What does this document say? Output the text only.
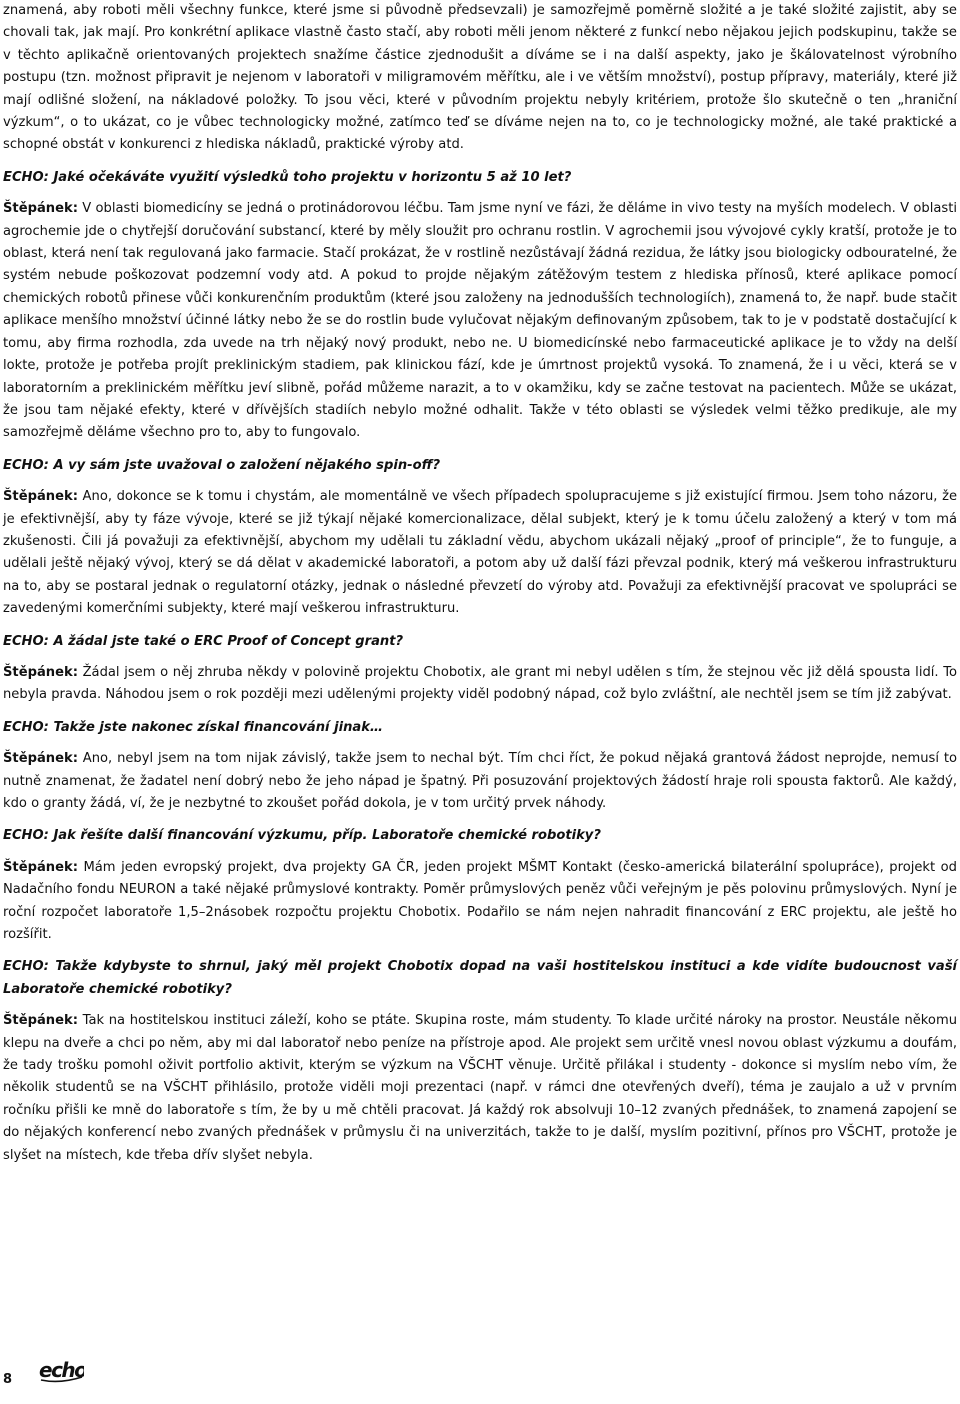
znamená, aby roboti měli všechny funkce, které jsme si původně předsevzali) je samozřejmě poměrně složité a je také složité zajistit, aby se chovali tak, jak mají. Pro konkrétní aplikace vlastně často stačí, aby roboti měli jenom některé z funkcí nebo nějakou jejich podskupinu, takže se v těchto aplikačně orientovaných projektech snažíme částice zjednodušit a díváme se i na další aspekty, jako je škálovatelnost výrobního postupu (tzn. možnost připravit je nejenom v laboratoři v miligramovém měřítku, ale i ve větším množství), postup přípravy, materiály, které již mají odlišné složení, na nákladové položky. To jsou věci, které v původním projektu nebyly kritériem, protože šlo skutečně o ten „hraniční výzkum“, o to ukázat, co je vůbec technologicky možné, zatímco teď se díváme nejen na to, co je technologicky možné, ale také praktické a schopné obstát v konkurenci z hlediska nákladů, praktické výroby atd.

ECHO: Jaké očekáváte využití výsledků toho projektu v horizontu 5 až 10 let?

Štěpánek: V oblasti biomedicíny se jedná o protinádorovou léčbu. Tam jsme nyní ve fázi, že děláme in vivo testy na myších modelech. V oblasti agrochemie jde o chytřejší doručování substancí, které by měly sloužit pro ochranu rostlin. V agrochemii jsou vývojové cykly kratší, protože je to oblast, která není tak regulovaná jako farmacie. Stačí prokázat, že v rostlině nezůstávají žádná rezidua, že látky jsou biologicky odbouratelné, že systém nebude poškozovat podzemní vody atd. A pokud to projde nějakým zátěžovým testem z hlediska přínosů, které aplikace pomocí chemických robotů přinese vůči konkurenčním produktům (které jsou založeny na jednodušších technologiích), znamená to, že např. bude stačit aplikace menšího množství účinné látky nebo že se do rostlin bude vylučovat nějakým definovaným způsobem, tak to je v podstatě dostačující k tomu, aby firma rozhodla, zda uvede na trh nějaký nový produkt, nebo ne. U biomedicínské nebo farmaceutické aplikace je to vždy na delší lokte, protože je potřeba projít preklinickým stadiem, pak klinickou fází, kde je úmrtnost projektů vysoká. To znamená, že i u věci, která se v laboratorním a preklinickém měřítku jeví slibně, pořád můžeme narazit, a to v okamžiku, kdy se začne testovat na pacientech. Může se ukázat, že jsou tam nějaké efekty, které v dřívějších stadiích nebylo možné odhalit. Takže v této oblasti se výsledek velmi těžko predikuje, ale my samozřejmě děláme všechno pro to, aby to fungovalo.

ECHO: A vy sám jste uvažoval o založení nějakého spin-off?

Štěpánek: Ano, dokonce se k tomu i chystám, ale momentálně ve všech případech spolupracujeme s již existující firmou. Jsem toho názoru, že je efektivnější, aby ty fáze vývoje, které se již týkají nějaké komercionalizace, dělal subjekt, který je k tomu účelu založený a který v tom má zkušenosti. Čili já považuji za efektivnější, abychom my udělali tu základní vědu, abychom ukázali nějaký „proof of principle“, že to funguje, a udělali ještě nějaký vývoj, který se dá dělat v akademické laboratoři, a potom aby už další fázi převzal podnik, který má veškerou infrastrukturu na to, aby se postaral jednak o regulatorní otázky, jednak o následné převzetí do výroby atd. Považuji za efektivnější pracovat ve spolupráci se zavedenými komerčními subjekty, které mají veškerou infrastrukturu.

ECHO: A žádal jste také o ERC Proof of Concept grant?

Štěpánek: Žádal jsem o něj zhruba někdy v polovině projektu Chobotix, ale grant mi nebyl udělen s tím, že stejnou věc již dělá spousta lidí. To nebyla pravda. Náhodou jsem o rok později mezi udělenými projekty viděl podobný nápad, což bylo zvláštní, ale nechtěl jsem se tím již zabývat.

ECHO: Takže jste nakonec získal financování jinak…

Štěpánek: Ano, nebyl jsem na tom nijak závislý, takže jsem to nechal být. Tím chci říct, že pokud nějaká grantová žádost neprojde, nemusí to nutně znamenat, že žadatel není dobrý nebo že jeho nápad je špatný. Při posuzování projektových žádostí hraje roli spousta faktorů. Ale každý, kdo o granty žádá, ví, že je nezbytné to zkoušet pořád dokola, je v tom určitý prvek náhody.

ECHO: Jak řešíte další financování výzkumu, příp. Laboratoře chemické robotiky?

Štěpánek: Mám jeden evropský projekt, dva projekty GA ČR, jeden projekt MŠMT Kontakt (česko-americká bilaterální spolupráce), projekt od Nadačního fondu NEURON a také nějaké průmyslové kontrakty. Poměr průmyslových peněz vůči veřejným je pěs polovinu průmyslových. Nyní je roční rozpočet laboratoře 1,5–2násobek rozpočtu projektu Chobotix. Podařilo se nám nejen nahradit financování z ERC projektu, ale ještě ho rozšířit.

ECHO: Takže kdybyste to shrnul, jaký měl projekt Chobotix dopad na vaši hostitelskou instituci a kde vidíte budoucnost vaší Laboratoře chemické robotiky?

Štěpánek: Tak na hostitelskou instituci záleží, koho se ptáte. Skupina roste, mám studenty. To klade určité nároky na prostor. Neustále někomu klepu na dveře a chci po něm, aby mi dal laboratoř nebo peníze na přístroje apod. Ale projekt sem určitě vnesl novou oblast výzkumu a doufám, že tady trošku pomohl oživit portfolio aktivit, kterým se výzkum na VŠCHT věnuje. Určitě přilákal i studenty - dokonce si myslím nebo vím, že několik studentů se na VŠCHT přihlásilo, protože viděli moji prezentaci (např. v rámci dne otevřených dveří), téma je zaujalo a už v prvním ročníku přišli ke mně do laboratoře s tím, že by u mě chtěli pracovat. Já každý rok absolvuji 10–12 zvaných přednášek, to znamená zapojení se do nějakých konferencí nebo zvaných přednášek v průmyslu či na univerzitách, takže to je další, myslím pozitivní, přínos pro VŠCHT, protože je slyšet na místech, kde třeba dřív slyšet nebyla.

8 echo
